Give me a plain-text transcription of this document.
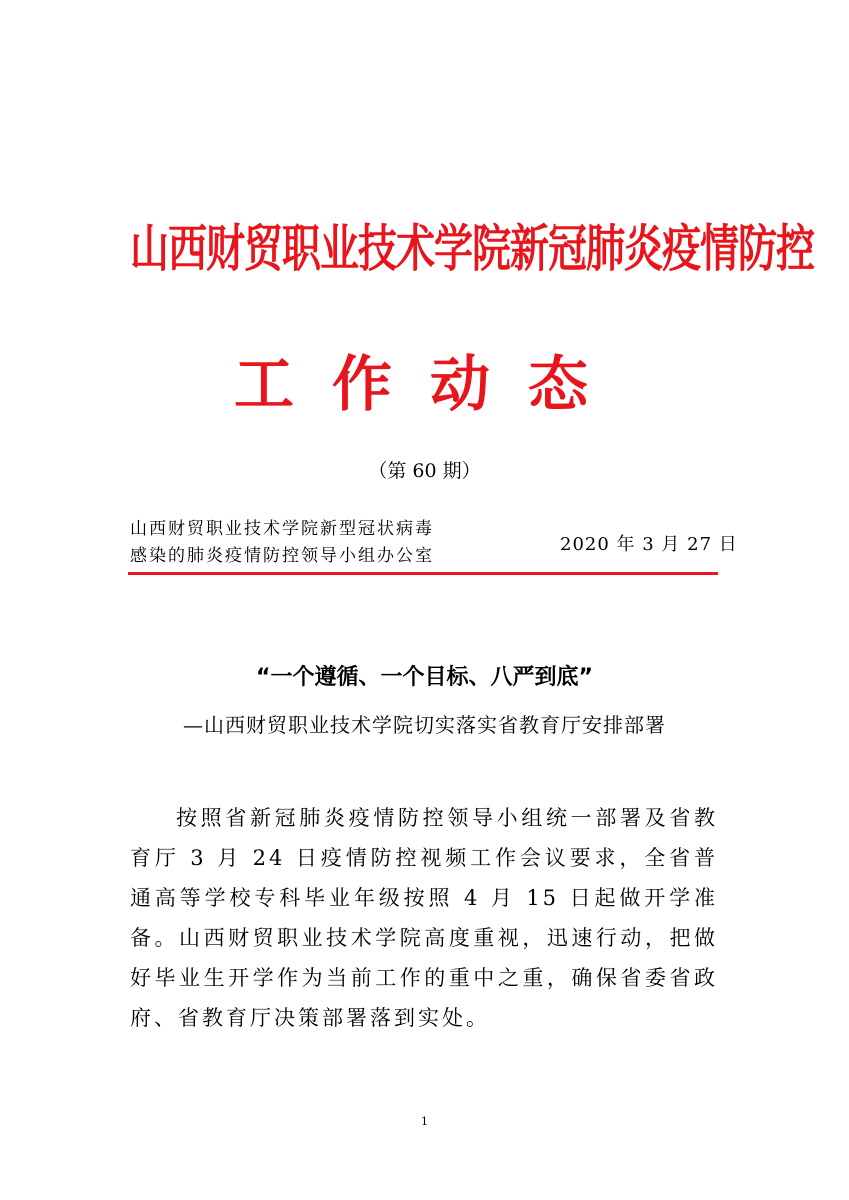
山西财贸职业技术学院新冠肺炎疫情防控
工作动态
（第 60 期）
山西财贸职业技术学院新型冠状病毒
感染的肺炎疫情防控领导小组办公室
2020 年 3 月 27 日
“一个遵循、一个目标、八严到底”
—山西财贸职业技术学院切实落实省教育厅安排部署

按照省新冠肺炎疫情防控领导小组统一部署及省教育厅 3 月 24 日疫情防控视频工作会议要求，全省普通高等学校专科毕业年级按照 4 月 15 日起做开学准备。山西财贸职业技术学院高度重视，迅速行动，把做好毕业生开学作为当前工作的重中之重，确保省委省政府、省教育厅决策部署落到实处。

1
